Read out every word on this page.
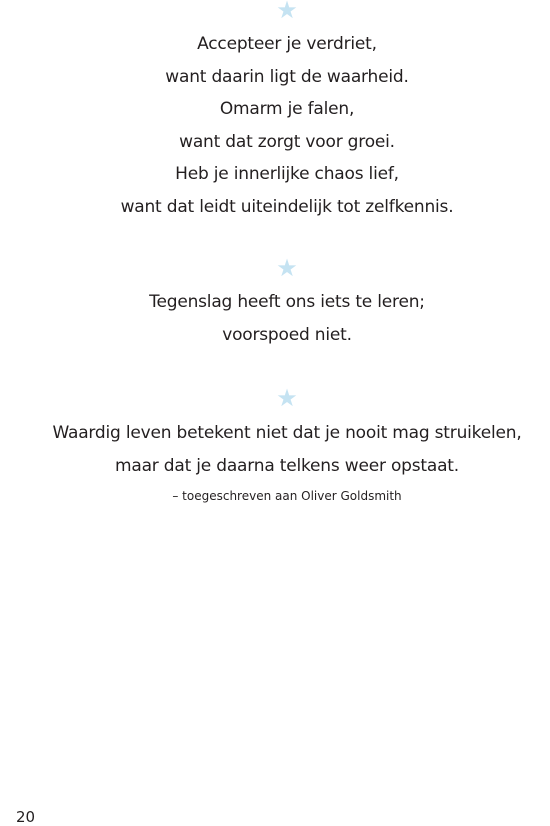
★
Accepteer je verdriet,
want daarin ligt de waarheid.
Omarm je falen,
want dat zorgt voor groei.
Heb je innerlijke chaos lief,
want dat leidt uiteindelijk tot zelfkennis.
★
Tegenslag heeft ons iets te leren;
voorspoed niet.
★
Waardig leven betekent niet dat je nooit mag struikelen,
maar dat je daarna telkens weer opstaat.
– toegeschreven aan Oliver Goldsmith
20
